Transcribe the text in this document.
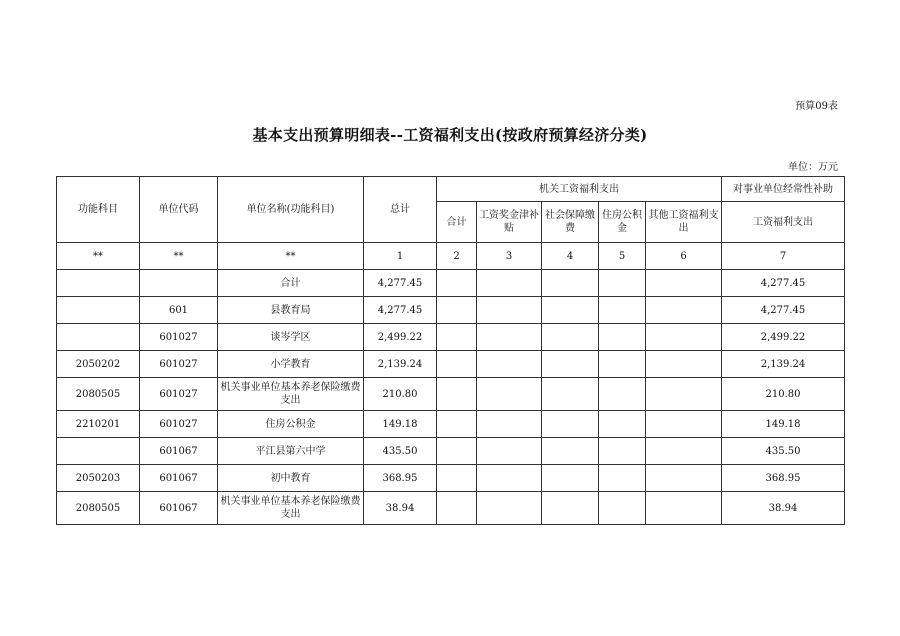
预算09表
基本支出预算明细表--工资福利支出(按政府预算经济分类)
单位：万元
功能科目	单位代码	单位名称(功能科目)	总计	机关工资福利支出					对事业单位经常性补助
				合计	工资奖金津补贴	社会保障缴费	住房公积金	其他工资福利支出	工资福利支出
**	**	**	1	2	3	4	5	6	7
		合计	4,277.45						4,277.45
	601	县教育局	4,277.45						4,277.45
	601027	谈岑学区	2,499.22						2,499.22
2050202	601027	小学教育	2,139.24						2,139.24
2080505	601027	机关事业单位基本养老保险缴费支出	210.80						210.80
2210201	601027	住房公积金	149.18						149.18
	601067	平江县第六中学	435.50						435.50
2050203	601067	初中教育	368.95						368.95
2080505	601067	机关事业单位基本养老保险缴费支出	38.94						38.94
